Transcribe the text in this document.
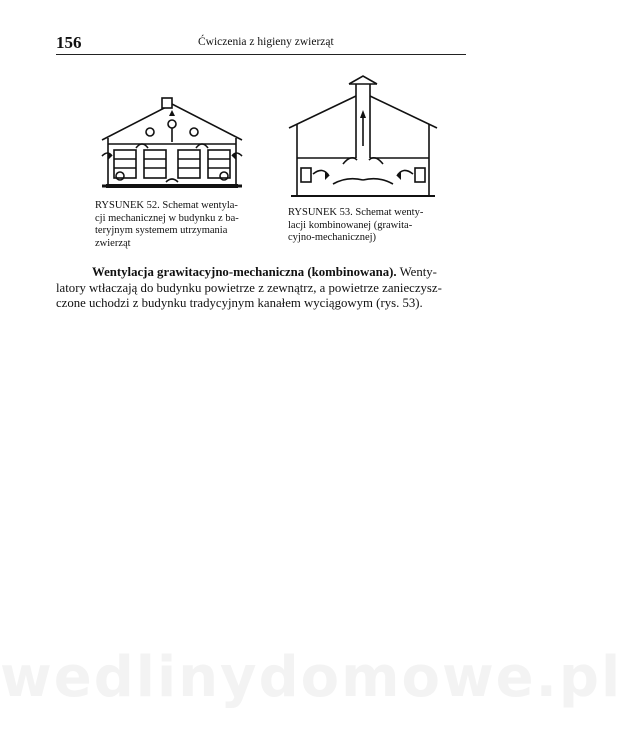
156	Ćwiczenia z higieny zwierząt
RYSUNEK 52. Schemat wentyla-
cji mechanicznej w budynku z ba-
teryjnym systemem utrzymania
zwierząt
RYSUNEK 53. Schemat wenty-
lacji kombinowanej (grawita-
cyjno-mechanicznej)
Wentylacja grawitacyjno-mechaniczna (kombinowana). Wenty-
latory wtłaczają do budynku powietrze z zewnątrz, a powietrze zanieczysz-
czone uchodzi z budynku tradycyjnym kanałem wyciągowym (rys. 53).
wedlinydomowe.pl
